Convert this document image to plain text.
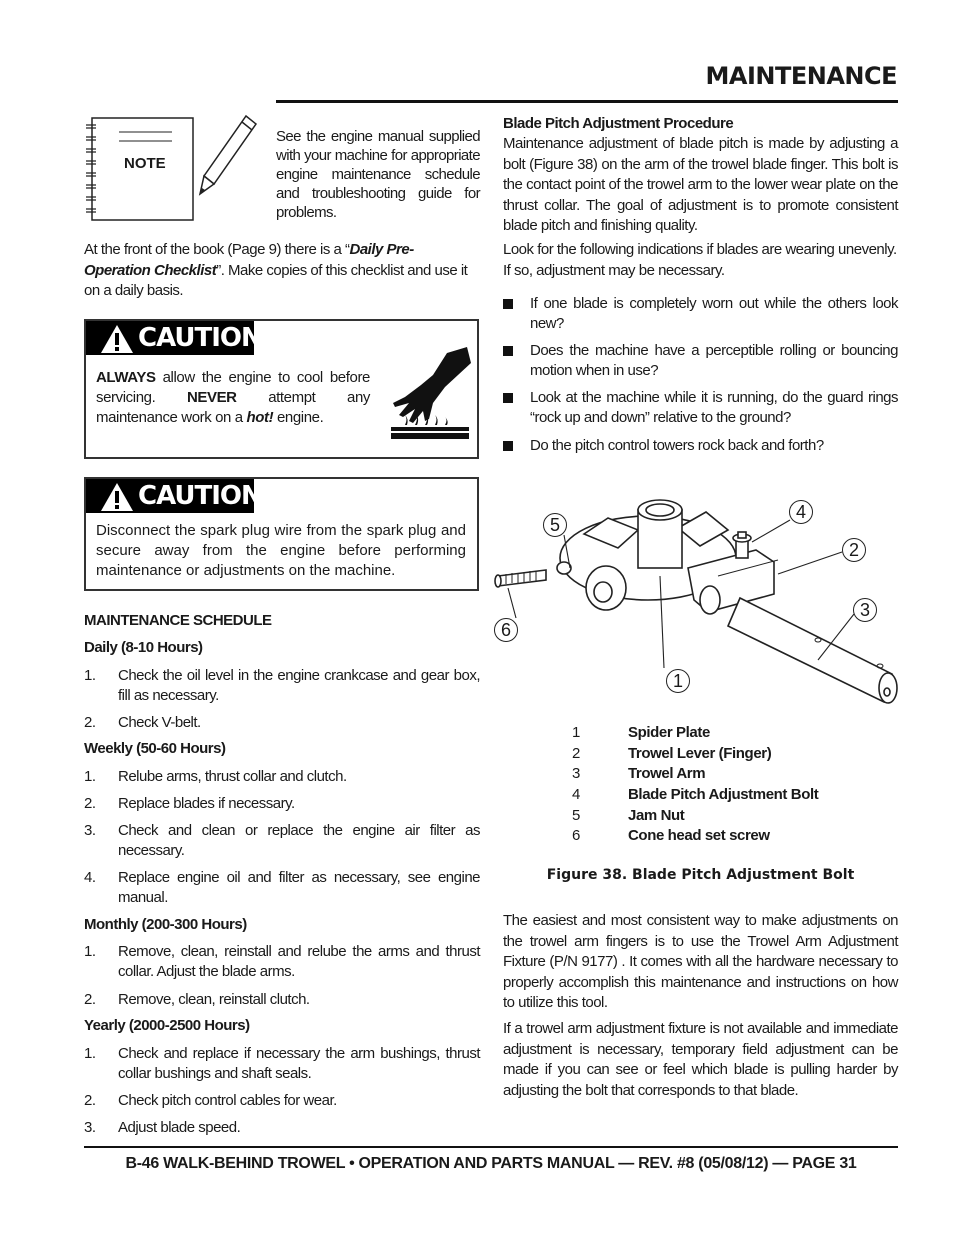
MAINTENANCE
NOTE
See the engine manual supplied with your machine for appropriate engine maintenance schedule and troubleshooting guide for problems.
At the front of the book (Page 9) there is a “Daily Pre-Operation Checklist”. Make copies of this checklist and use it on a daily basis.
CAUTION
ALWAYS allow the engine to cool before servicing. NEVER attempt any maintenance work on a hot! engine.
CAUTION
Disconnect the spark plug wire from the spark plug and secure away from the engine before performing maintenance or adjustments on the machine.
MAINTENANCE SCHEDULE
Daily (8-10 Hours)
1. Check the oil level in the engine crankcase and gear box, fill as necessary.
2. Check V-belt.
Weekly (50-60 Hours)
1. Relube arms, thrust collar and clutch.
2. Replace blades if necessary.
3. Check and clean or replace the engine air filter as necessary.
4. Replace engine oil and filter as necessary, see engine manual.
Monthly (200-300 Hours)
1. Remove, clean, reinstall and relube the arms and thrust collar. Adjust the blade arms.
2. Remove, clean, reinstall clutch.
Yearly (2000-2500 Hours)
1. Check and replace if necessary the arm bushings, thrust collar bushings and shaft seals.
2. Check pitch control cables for wear.
3. Adjust blade speed.
Blade Pitch Adjustment Procedure
Maintenance adjustment of blade pitch is made by adjusting a bolt (Figure 38) on the arm of the trowel blade finger. This bolt is the contact point of the trowel arm to the lower wear plate on the thrust collar. The goal of adjustment is to promote consistent blade pitch and finishing quality.
Look for the following indications if blades are wearing unevenly. If so, adjustment may be necessary.
If one blade is completely worn out while the others look new?
Does the machine have a perceptible rolling or bouncing motion when in use?
Look at the machine while it is running, do the guard rings “rock up and down” relative to the ground?
Do the pitch control towers rock back and forth?
5
6
1
4
2
3
1	Spider Plate
2	Trowel Lever (Finger)
3	Trowel Arm
4	Blade Pitch Adjustment Bolt
5	Jam Nut
6	Cone head set screw
Figure 38. Blade Pitch Adjustment Bolt
The easiest and most consistent way to make adjustments on the trowel arm fingers is to use the Trowel Arm Adjustment Fixture (P/N 9177) . It comes with all the hardware necessary to properly accomplish this maintenance and instructions on how to utilize this tool.
If a trowel arm adjustment fixture is not available and immediate adjustment is necessary, temporary field adjustment can be made if you can see or feel which blade is pulling harder by adjusting the bolt that corresponds to that blade.
B-46 WALK-BEHIND TROWEL • OPERATION AND PARTS MANUAL — REV. #8 (05/08/12) — PAGE 31
